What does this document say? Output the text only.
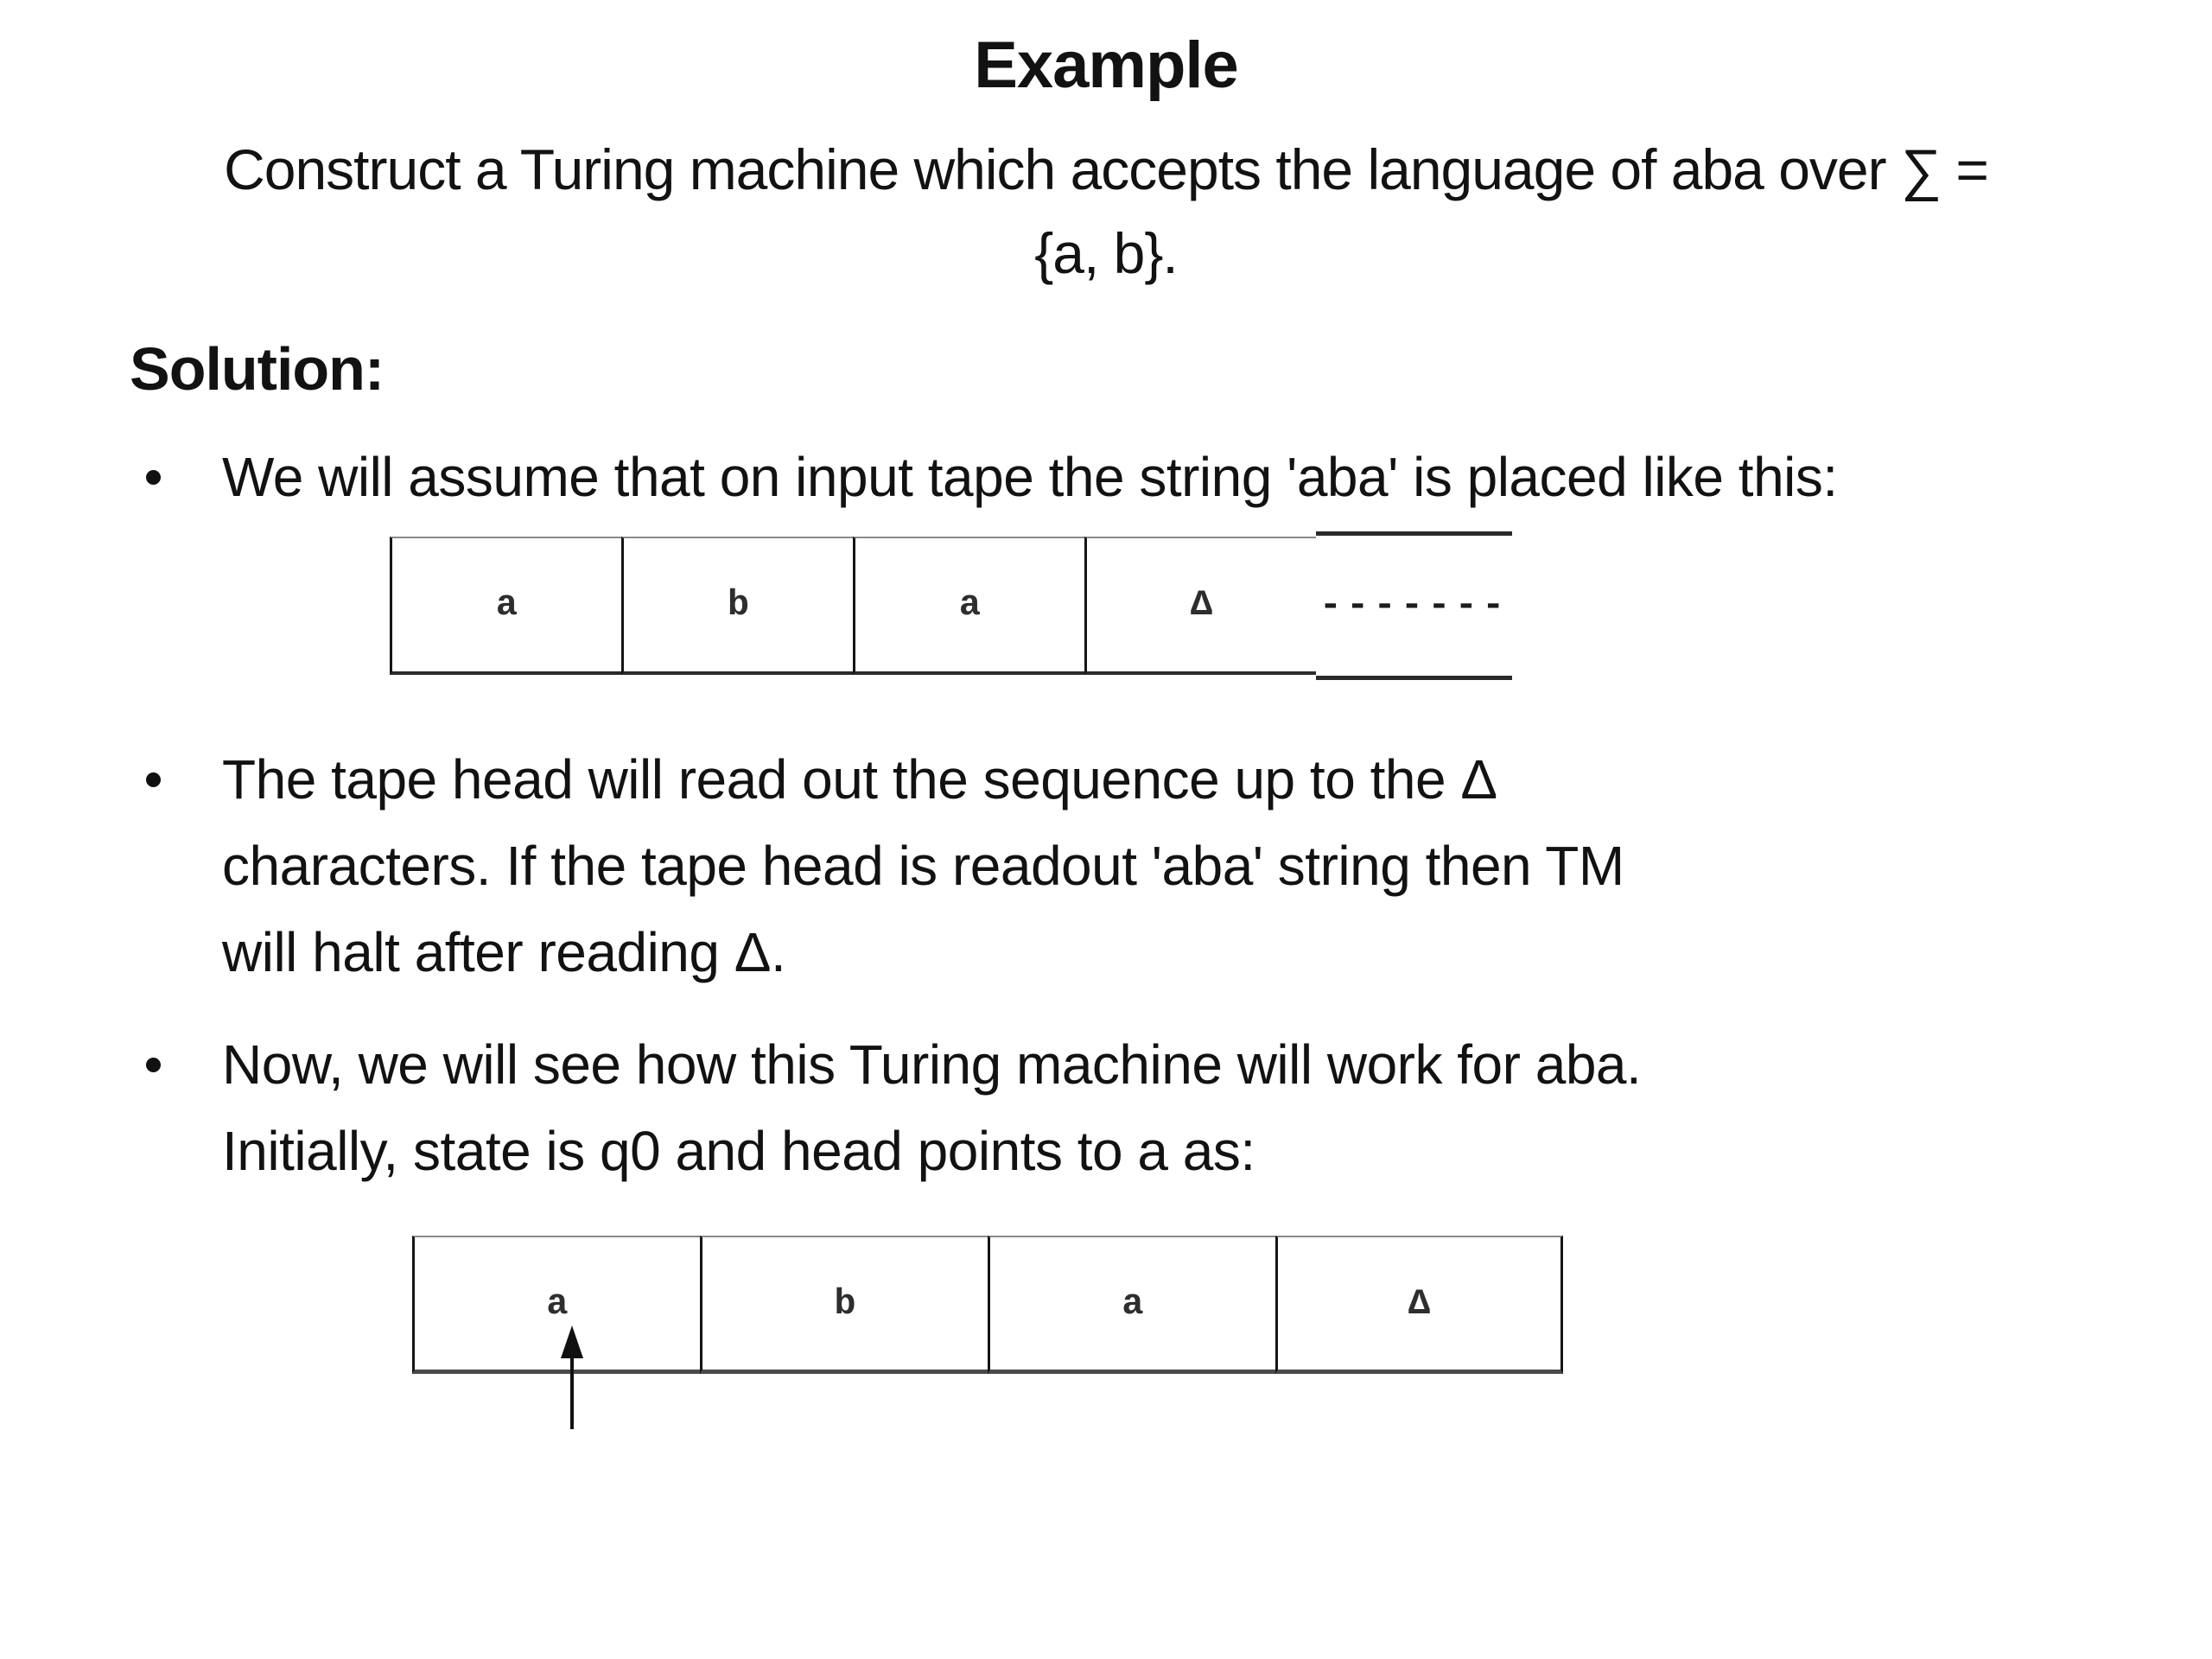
Example
Construct a Turing machine which accepts the language of aba over ∑ =
{a, b}.
Solution:
We will assume that on input tape the string 'aba' is placed like this:
a	b	a	Δ	-------
The tape head will read out the sequence up to the Δ
characters. If the tape head is readout 'aba' string then TM
will halt after reading Δ.
Now, we will see how this Turing machine will work for aba.
Initially, state is q0 and head points to a as:
a	b	a	Δ
